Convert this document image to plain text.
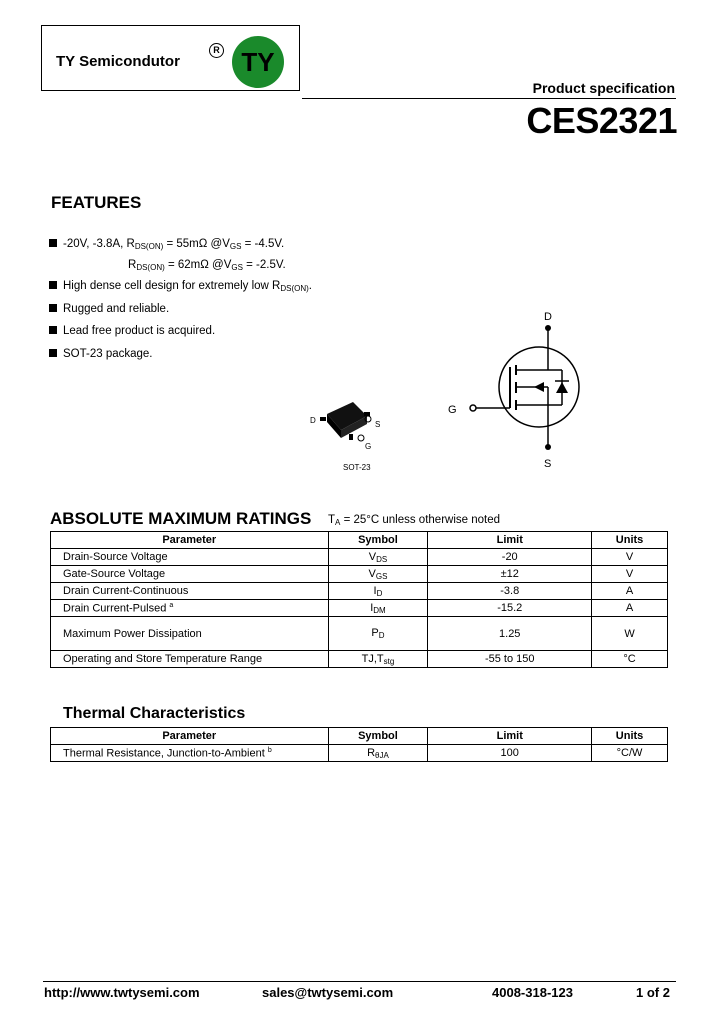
TY Semicondutor
R TY
Product specification
CES2321
FEATURES
-20V, -3.8A, $R_{DS(ON)} = 55m\Omega$ $@V_{GS} = -4.5V$.
$R_{DS(ON)} = 62m\Omega$ $@V_{GS} = -2.5V$.
High dense cell design for extremely low $R_{DS(ON)}$.
Rugged and reliable.
Lead free product is acquired.
SOT-23 package.
D	S
G
SOT-23
D
G
S
ABSOLUTE MAXIMUM RATINGS $T_A = 25^\circ C$ unless otherwise noted
Parameter	Symbol	Limit	Units
Drain-Source Voltage	$V_{DS}$	-20	V
Gate-Source Voltage	$V_{GS}$	±12	V
Drain Current-Continuous	$I_D$	-3.8	A
Drain Current-Pulsed $^a$	$I_{DM}$	-15.2	A
Maximum Power Dissipation	$P_D$	1.25	W
Operating and Store Temperature Range	$TJ,T_{stg}$	-55 to 150	°C
Thermal Characteristics
Parameter	Symbol	Limit	Units
Thermal Resistance, Junction-to-Ambient $^b$	$R_{\theta JA}$	100	°C/W
http://www.twtysemi.com	sales@twtysemi.com	4008-318-123	1 of 2
